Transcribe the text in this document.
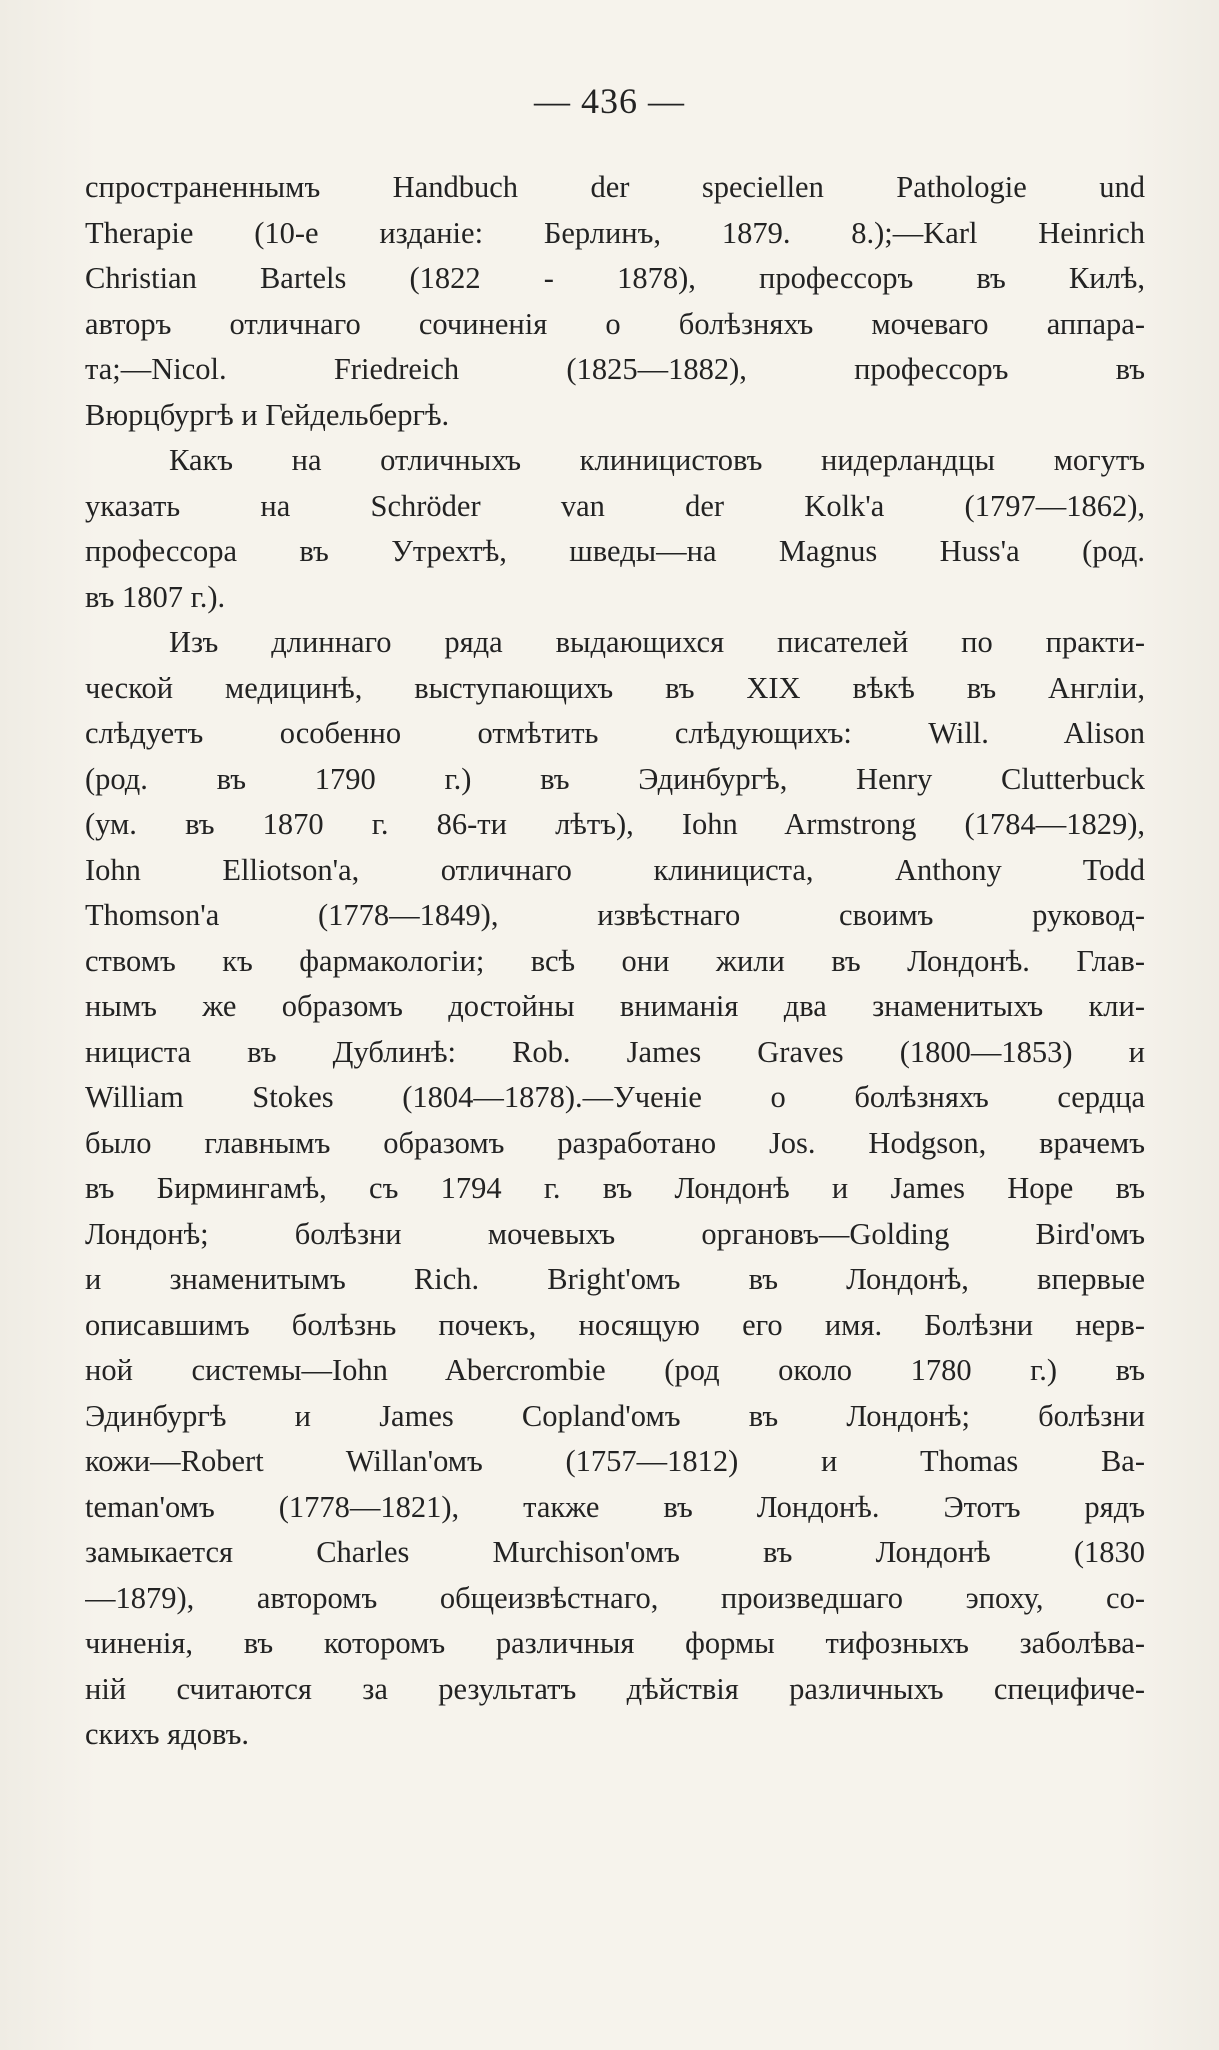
— 436 —
спространеннымъ Handbuch der speciellen Pathologie und
Therapie (10-е изданіе: Берлинъ, 1879. 8.);—Karl Heinrich
Christian Bartels (1822 - 1878), профессоръ въ Килѣ,
авторъ отличнаго сочиненія о болѣзняхъ мочеваго аппара-
та;—Nicol. Friedreich (1825—1882), профессоръ въ
Вюрцбургѣ и Гейдельбергѣ.
Какъ на отличныхъ клиницистовъ нидерландцы могутъ
указать на Schröder van der Kolk'a (1797—1862),
профессора въ Утрехтѣ, шведы—на Magnus Huss'a (род.
въ 1807 г.).
Изъ длиннаго ряда выдающихся писателей по практи-
ческой медицинѣ, выступающихъ въ XIX вѣкѣ въ Англіи,
слѣдуетъ особенно отмѣтить слѣдующихъ: Will. Alison
(род. въ 1790 г.) въ Эдинбургѣ, Henry Clutterbuck
(ум. въ 1870 г. 86-ти лѣтъ), Iohn Armstrong (1784—1829),
Iohn Elliotson'a, отличнаго клинициста, Anthony Todd
Thomson'a (1778—1849), извѣстнаго своимъ руковод-
ствомъ къ фармакологіи; всѣ они жили въ Лондонѣ. Глав-
нымъ же образомъ достойны вниманія два знаменитыхъ кли-
нициста въ Дублинѣ: Rob. James Graves (1800—1853) и
William Stokes (1804—1878).—Ученіе о болѣзняхъ сердца
было главнымъ образомъ разработано Jos. Hodgson, врачемъ
въ Бирмингамѣ, съ 1794 г. въ Лондонѣ и James Hope въ
Лондонѣ; болѣзни мочевыхъ органовъ—Golding Bird'омъ
и знаменитымъ Rich. Bright'омъ въ Лондонѣ, впервые
описавшимъ болѣзнь почекъ, носящую его имя. Болѣзни нерв-
ной системы—Iohn Abercrombie (род около 1780 г.) въ
Эдинбургѣ и James Copland'омъ въ Лондонѣ; болѣзни
кожи—Robert Willan'омъ (1757—1812) и Thomas Ba-
teman'омъ (1778—1821), также въ Лондонѣ. Этотъ рядъ
замыкается Charles Murchison'омъ въ Лондонѣ (1830
—1879), авторомъ общеизвѣстнаго, произведшаго эпоху, со-
чиненія, въ которомъ различныя формы тифозныхъ заболѣва-
ній считаются за результатъ дѣйствія различныхъ специфиче-
скихъ ядовъ.
